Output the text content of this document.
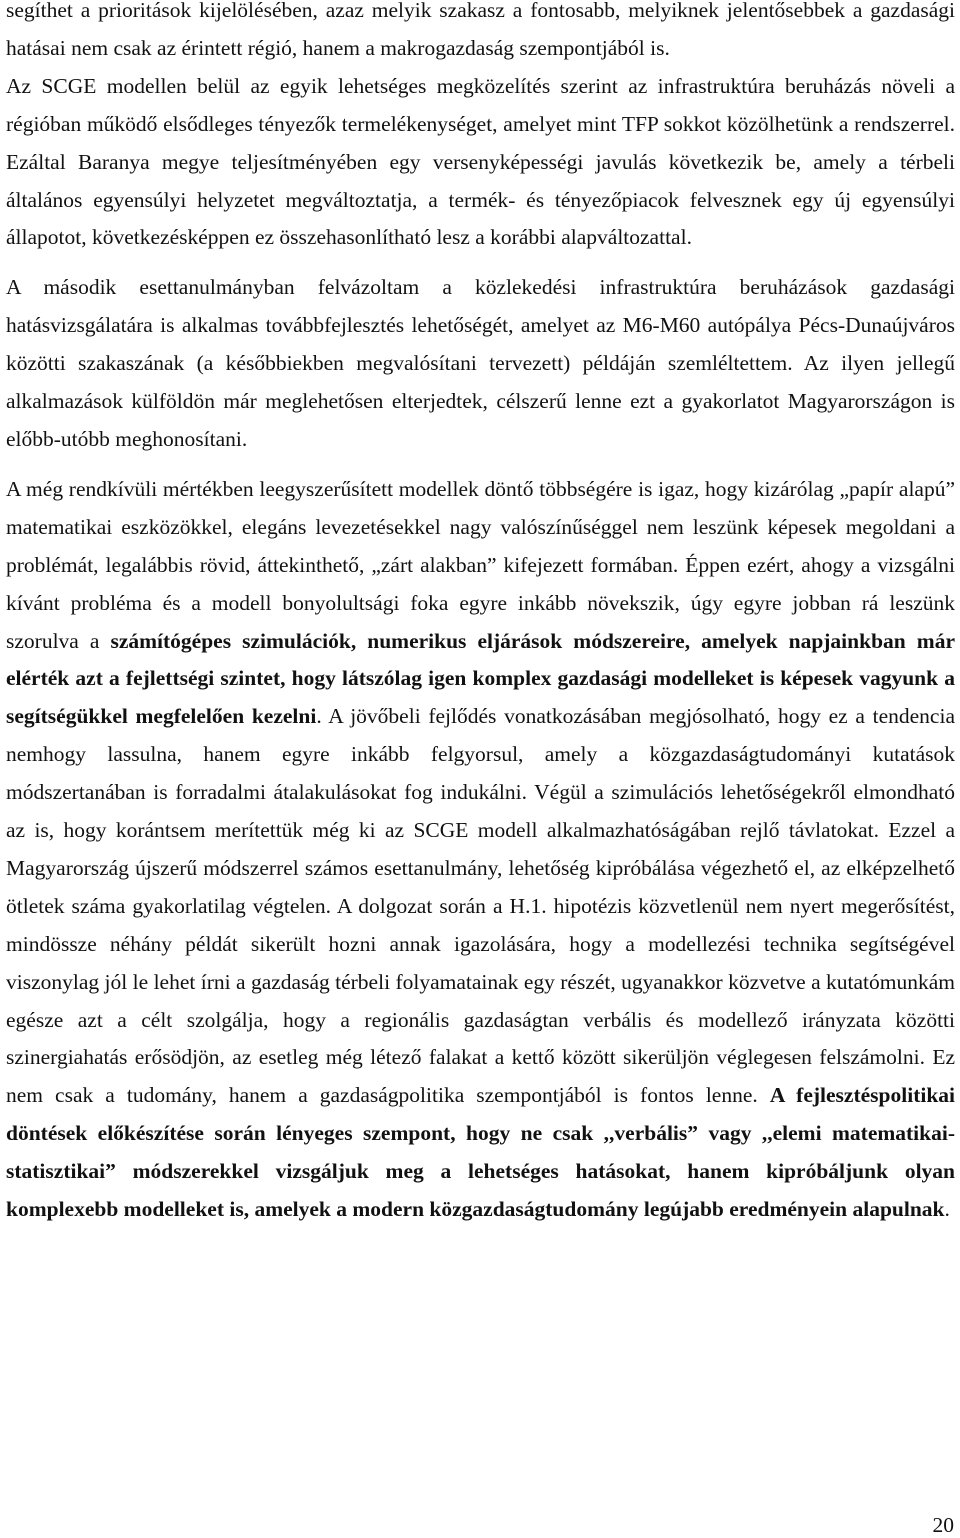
segíthet a prioritások kijelölésében, azaz melyik szakasz a fontosabb, melyiknek jelentősebbek a gazdasági hatásai nem csak az érintett régió, hanem a makrogazdaság szempontjából is.

Az SCGE modellen belül az egyik lehetséges megközelítés szerint az infrastruktúra beruházás növeli a régióban működő elsődleges tényezők termelékenységet, amelyet mint TFP sokkot közölhetünk a rendszerrel. Ezáltal Baranya megye teljesítményében egy versenyképességi javulás következik be, amely a térbeli általános egyensúlyi helyzetet megváltoztatja, a termék- és tényezőpiacok felvesznek egy új egyensúlyi állapotot, következésképpen ez összehasonlítható lesz a korábbi alapváltozattal.

A második esettanulmányban felvázoltam a közlekedési infrastruktúra beruházások gazdasági hatásvizsgálatára is alkalmas továbbfejlesztés lehetőségét, amelyet az M6-M60 autópálya Pécs-Dunaújváros közötti szakaszának (a későbbiekben megvalósítani tervezett) példáján szemléltettem. Az ilyen jellegű alkalmazások külföldön már meglehetősen elterjedtek, célszerű lenne ezt a gyakorlatot Magyarországon is előbb-utóbb meghonosítani.

A még rendkívüli mértékben leegyszerűsített modellek döntő többségére is igaz, hogy kizárólag „papír alapú” matematikai eszközökkel, elegáns levezetésekkel nagy valószínűséggel nem leszünk képesek megoldani a problémát, legalábbis rövid, áttekinthető, „zárt alakban” kifejezett formában. Éppen ezért, ahogy a vizsgálni kívánt probléma és a modell bonyolultsági foka egyre inkább növekszik, úgy egyre jobban rá leszünk szorulva a számítógépes szimulációk, numerikus eljárások módszereire, amelyek napjainkban már elérték azt a fejlettségi szintet, hogy látszólag igen komplex gazdasági modelleket is képesek vagyunk a segítségükkel megfelelően kezelni. A jövőbeli fejlődés vonatkozásában megjósolható, hogy ez a tendencia nemhogy lassulna, hanem egyre inkább felgyorsul, amely a közgazdaságtudományi kutatások módszertanában is forradalmi átalakulásokat fog indukálni. Végül a szimulációs lehetőségekről elmondható az is, hogy korántsem merítettük még ki az SCGE modell alkalmazhatóságában rejlő távlatokat. Ezzel a Magyarország újszerű módszerrel számos esettanulmány, lehetőség kipróbálása végezhető el, az elképzelhető ötletek száma gyakorlatilag végtelen. A dolgozat során a H.1. hipotézis közvetlenül nem nyert megerősítést, mindössze néhány példát sikerült hozni annak igazolására, hogy a modellezési technika segítségével viszonylag jól le lehet írni a gazdaság térbeli folyamatainak egy részét, ugyanakkor közvetve a kutatómunkám egésze azt a célt szolgálja, hogy a regionális gazdaságtan verbális és modellező irányzata közötti szinergiahatás erősödjön, az esetleg még létező falakat a kettő között sikerüljön véglegesen felszámolni. Ez nem csak a tudomány, hanem a gazdaságpolitika szempontjából is fontos lenne. A fejlesztéspolitikai döntések előkészítése során lényeges szempont, hogy ne csak ,,verbális” vagy ,,elemi matematikai-statisztikai” módszerekkel vizsgáljuk meg a lehetséges hatásokat, hanem kipróbáljunk olyan komplexebb modelleket is, amelyek a modern közgazdaságtudomány legújabb eredményein alapulnak.

20
